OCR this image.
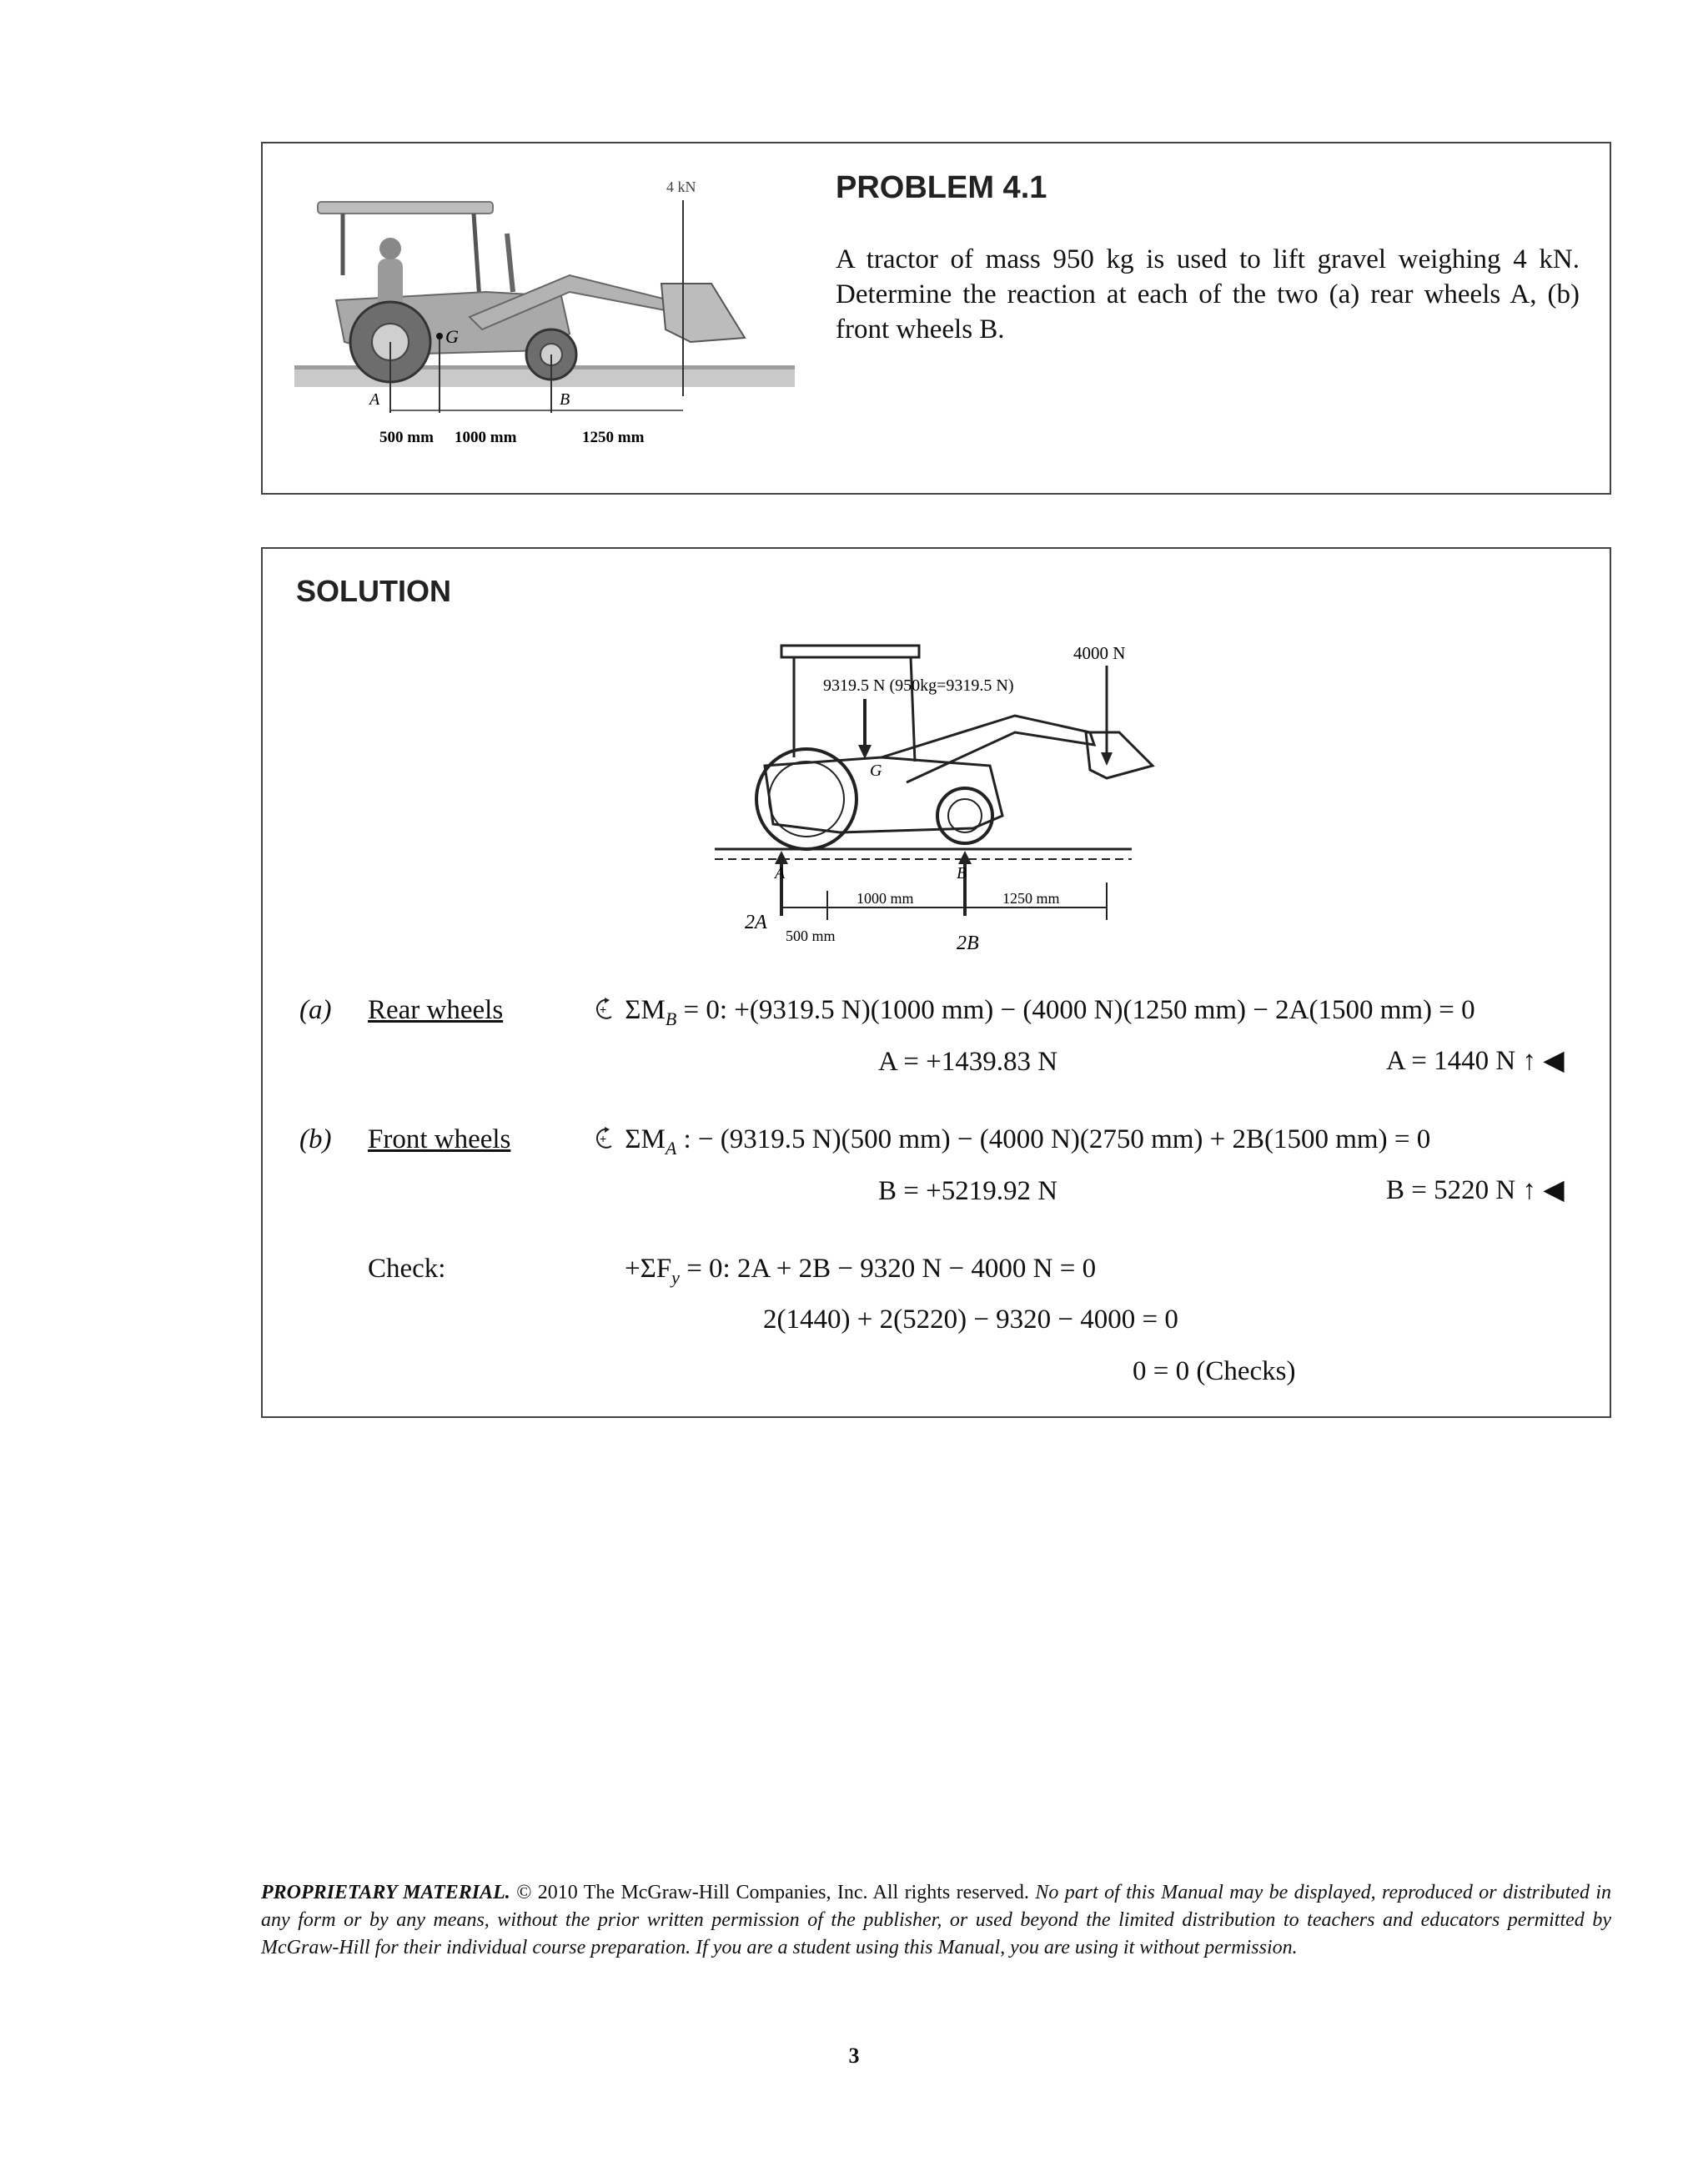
G
4 kN
A	B
500 mm 1000 mm	1250 mm
PROBLEM 4.1
A tractor of mass 950 kg is used to lift gravel weighing 4 kN. Determine the reaction at each of the two (a) rear wheels A, (b) front wheels B.
SOLUTION
9319.5 N (950kg=9319.5 N)
G
4000 N
A	B
2A
2B
1000 mm	1250 mm
500 mm
(a) Rear wheels	+ $\Sigma M_B = 0$: +(9319.5 N)(1000 mm) − (4000 N)(1250 mm) − 2A(1500 mm) = 0
A = +1439.83 N	A = 1440 N ↑ ◀
(b) Front wheels	+ $\Sigma M_A$ : − (9319.5 N)(500 mm) − (4000 N)(2750 mm) + 2B(1500 mm) = 0
B = +5219.92 N	B = 5220 N ↑ ◀
Check:	$+\Sigma F_y = 0$: 2A + 2B − 9320 N − 4000 N = 0
2(1440) + 2(5220) − 9320 − 4000 = 0
0 = 0 (Checks)
PROPRIETARY MATERIAL. © 2010 The McGraw-Hill Companies, Inc. All rights reserved. No part of this Manual may be displayed, reproduced or distributed in any form or by any means, without the prior written permission of the publisher, or used beyond the limited distribution to teachers and educators permitted by McGraw-Hill for their individual course preparation. If you are a student using this Manual, you are using it without permission.
3
